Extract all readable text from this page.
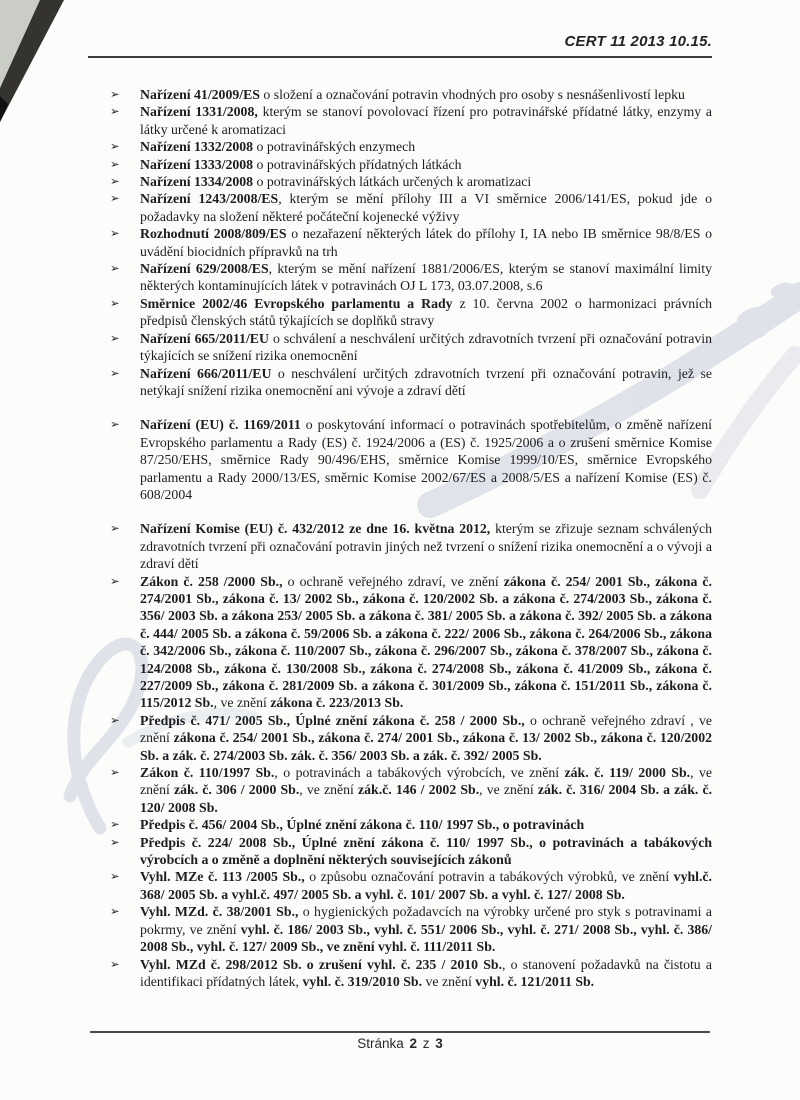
CERT 11 2013 10.15.
➢	Nařízení 41/2009/ES o složení a označování potravin vhodných pro osoby s nesnášenlivostí lepku
➢	Nařízení 1331/2008, kterým se stanoví povolovací řízení pro potravinářské přídatné látky, enzymy a látky určené k aromatizaci
➢	Nařízení 1332/2008 o potravinářských enzymech
➢	Nařízení 1333/2008 o potravinářských přídatných látkách
➢	Nařízení 1334/2008 o potravinářských látkách určených k aromatizaci
➢	Nařízení 1243/2008/ES, kterým se mění přílohy III a VI směrnice 2006/141/ES, pokud jde o požadavky na složení některé počáteční kojenecké výživy
➢	Rozhodnutí 2008/809/ES o nezařazení některých látek do přílohy I, IA nebo IB směrnice 98/8/ES o uvádění biocidních přípravků na trh
➢	Nařízení 629/2008/ES, kterým se mění nařízení 1881/2006/ES, kterým se stanoví maximální limity některých kontaminujících látek v potravinách OJ L 173, 03.07.2008, s.6
➢	Směrnice 2002/46 Evropského parlamentu a Rady z 10. června 2002 o harmonizaci právních předpisů členských států týkajících se doplňků stravy
➢	Nařízení 665/2011/EU o schválení a neschválení určitých zdravotních tvrzení při označování potravin týkajících se snížení rizika onemocnění
➢	Nařízení 666/2011/EU o neschválení určitých zdravotních tvrzení při označování potravin, jež se netýkají snížení rizika onemocnění ani vývoje a zdraví dětí
➢	Nařízení (EU) č. 1169/2011 o poskytování informací o potravinách spotřebitelům, o změně nařízení Evropského parlamentu a Rady (ES) č. 1924/2006 a (ES) č. 1925/2006 a o zrušení směrnice Komise 87/250/EHS, směrnice Rady 90/496/EHS, směrnice Komise 1999/10/ES, směrnice Evropského parlamentu a Rady 2000/13/ES, směrnic Komise 2002/67/ES a 2008/5/ES a nařízení Komise (ES) č. 608/2004
➢	Nařízení Komise (EU) č. 432/2012 ze dne 16. května 2012, kterým se zřizuje seznam schválených zdravotních tvrzení při označování potravin jiných než tvrzení o snížení rizika onemocnění a o vývoji a zdraví dětí
➢	Zákon č. 258 /2000 Sb., o ochraně veřejného zdraví, ve znění zákona č. 254/ 2001 Sb., zákona č. 274/2001 Sb., zákona č. 13/ 2002 Sb., zákona č. 120/2002 Sb. a zákona č. 274/2003 Sb., zákona č. 356/ 2003 Sb. a zákona 253/ 2005 Sb. a zákona č. 381/ 2005 Sb. a zákona č. 392/ 2005 Sb. a zákona č. 444/ 2005 Sb. a zákona č. 59/2006 Sb. a zákona č. 222/ 2006 Sb., zákona č. 264/2006 Sb., zákona č. 342/2006 Sb., zákona č. 110/2007 Sb., zákona č. 296/2007 Sb., zákona č. 378/2007 Sb., zákona č. 124/2008 Sb., zákona č. 130/2008 Sb., zákona č. 274/2008 Sb., zákona č. 41/2009 Sb., zákona č. 227/2009 Sb., zákona č. 281/2009 Sb. a zákona č. 301/2009 Sb., zákona č. 151/2011 Sb., zákona č. 115/2012 Sb., ve znění zákona č. 223/2013 Sb.
➢	Předpis č. 471/ 2005 Sb., Úplné znění zákona č. 258 / 2000 Sb., o ochraně veřejného zdraví , ve znění zákona č. 254/ 2001 Sb., zákona č. 274/ 2001 Sb., zákona č. 13/ 2002 Sb., zákona č. 120/2002 Sb. a zák. č. 274/2003 Sb. zák. č. 356/ 2003 Sb. a zák. č. 392/ 2005 Sb.
➢	Zákon č. 110/1997 Sb., o potravinách a tabákových výrobcích, ve znění zák. č. 119/ 2000 Sb., ve znění zák. č. 306 / 2000 Sb., ve znění zák.č. 146 / 2002 Sb., ve znění zák. č. 316/ 2004 Sb. a zák. č. 120/ 2008 Sb.
➢	Předpis č. 456/ 2004 Sb., Úplné znění zákona č. 110/ 1997 Sb., o potravinách
➢	Předpis č. 224/ 2008 Sb., Úplné znění zákona č. 110/ 1997 Sb., o potravinách a tabákových výrobcích a o změně a doplnění některých souvisejících zákonů
➢	Vyhl. MZe č. 113 /2005 Sb., o způsobu označování potravin a tabákových výrobků, ve znění vyhl.č. 368/ 2005 Sb. a vyhl.č. 497/ 2005 Sb. a vyhl. č. 101/ 2007 Sb. a vyhl. č. 127/ 2008 Sb.
➢	Vyhl. MZd. č. 38/2001 Sb., o hygienických požadavcích na výrobky určené pro styk s potravinami a pokrmy, ve znění vyhl. č. 186/ 2003 Sb., vyhl. č. 551/ 2006 Sb., vyhl. č. 271/ 2008 Sb., vyhl. č. 386/ 2008 Sb., vyhl. č. 127/ 2009 Sb., ve znění vyhl. č. 111/2011 Sb.
➢	Vyhl. MZd č. 298/2012 Sb. o zrušení vyhl. č. 235 / 2010 Sb., o stanovení požadavků na čistotu a identifikaci přídatných látek, vyhl. č. 319/2010 Sb. ve znění vyhl. č. 121/2011 Sb.
Stránka 2 z 3
